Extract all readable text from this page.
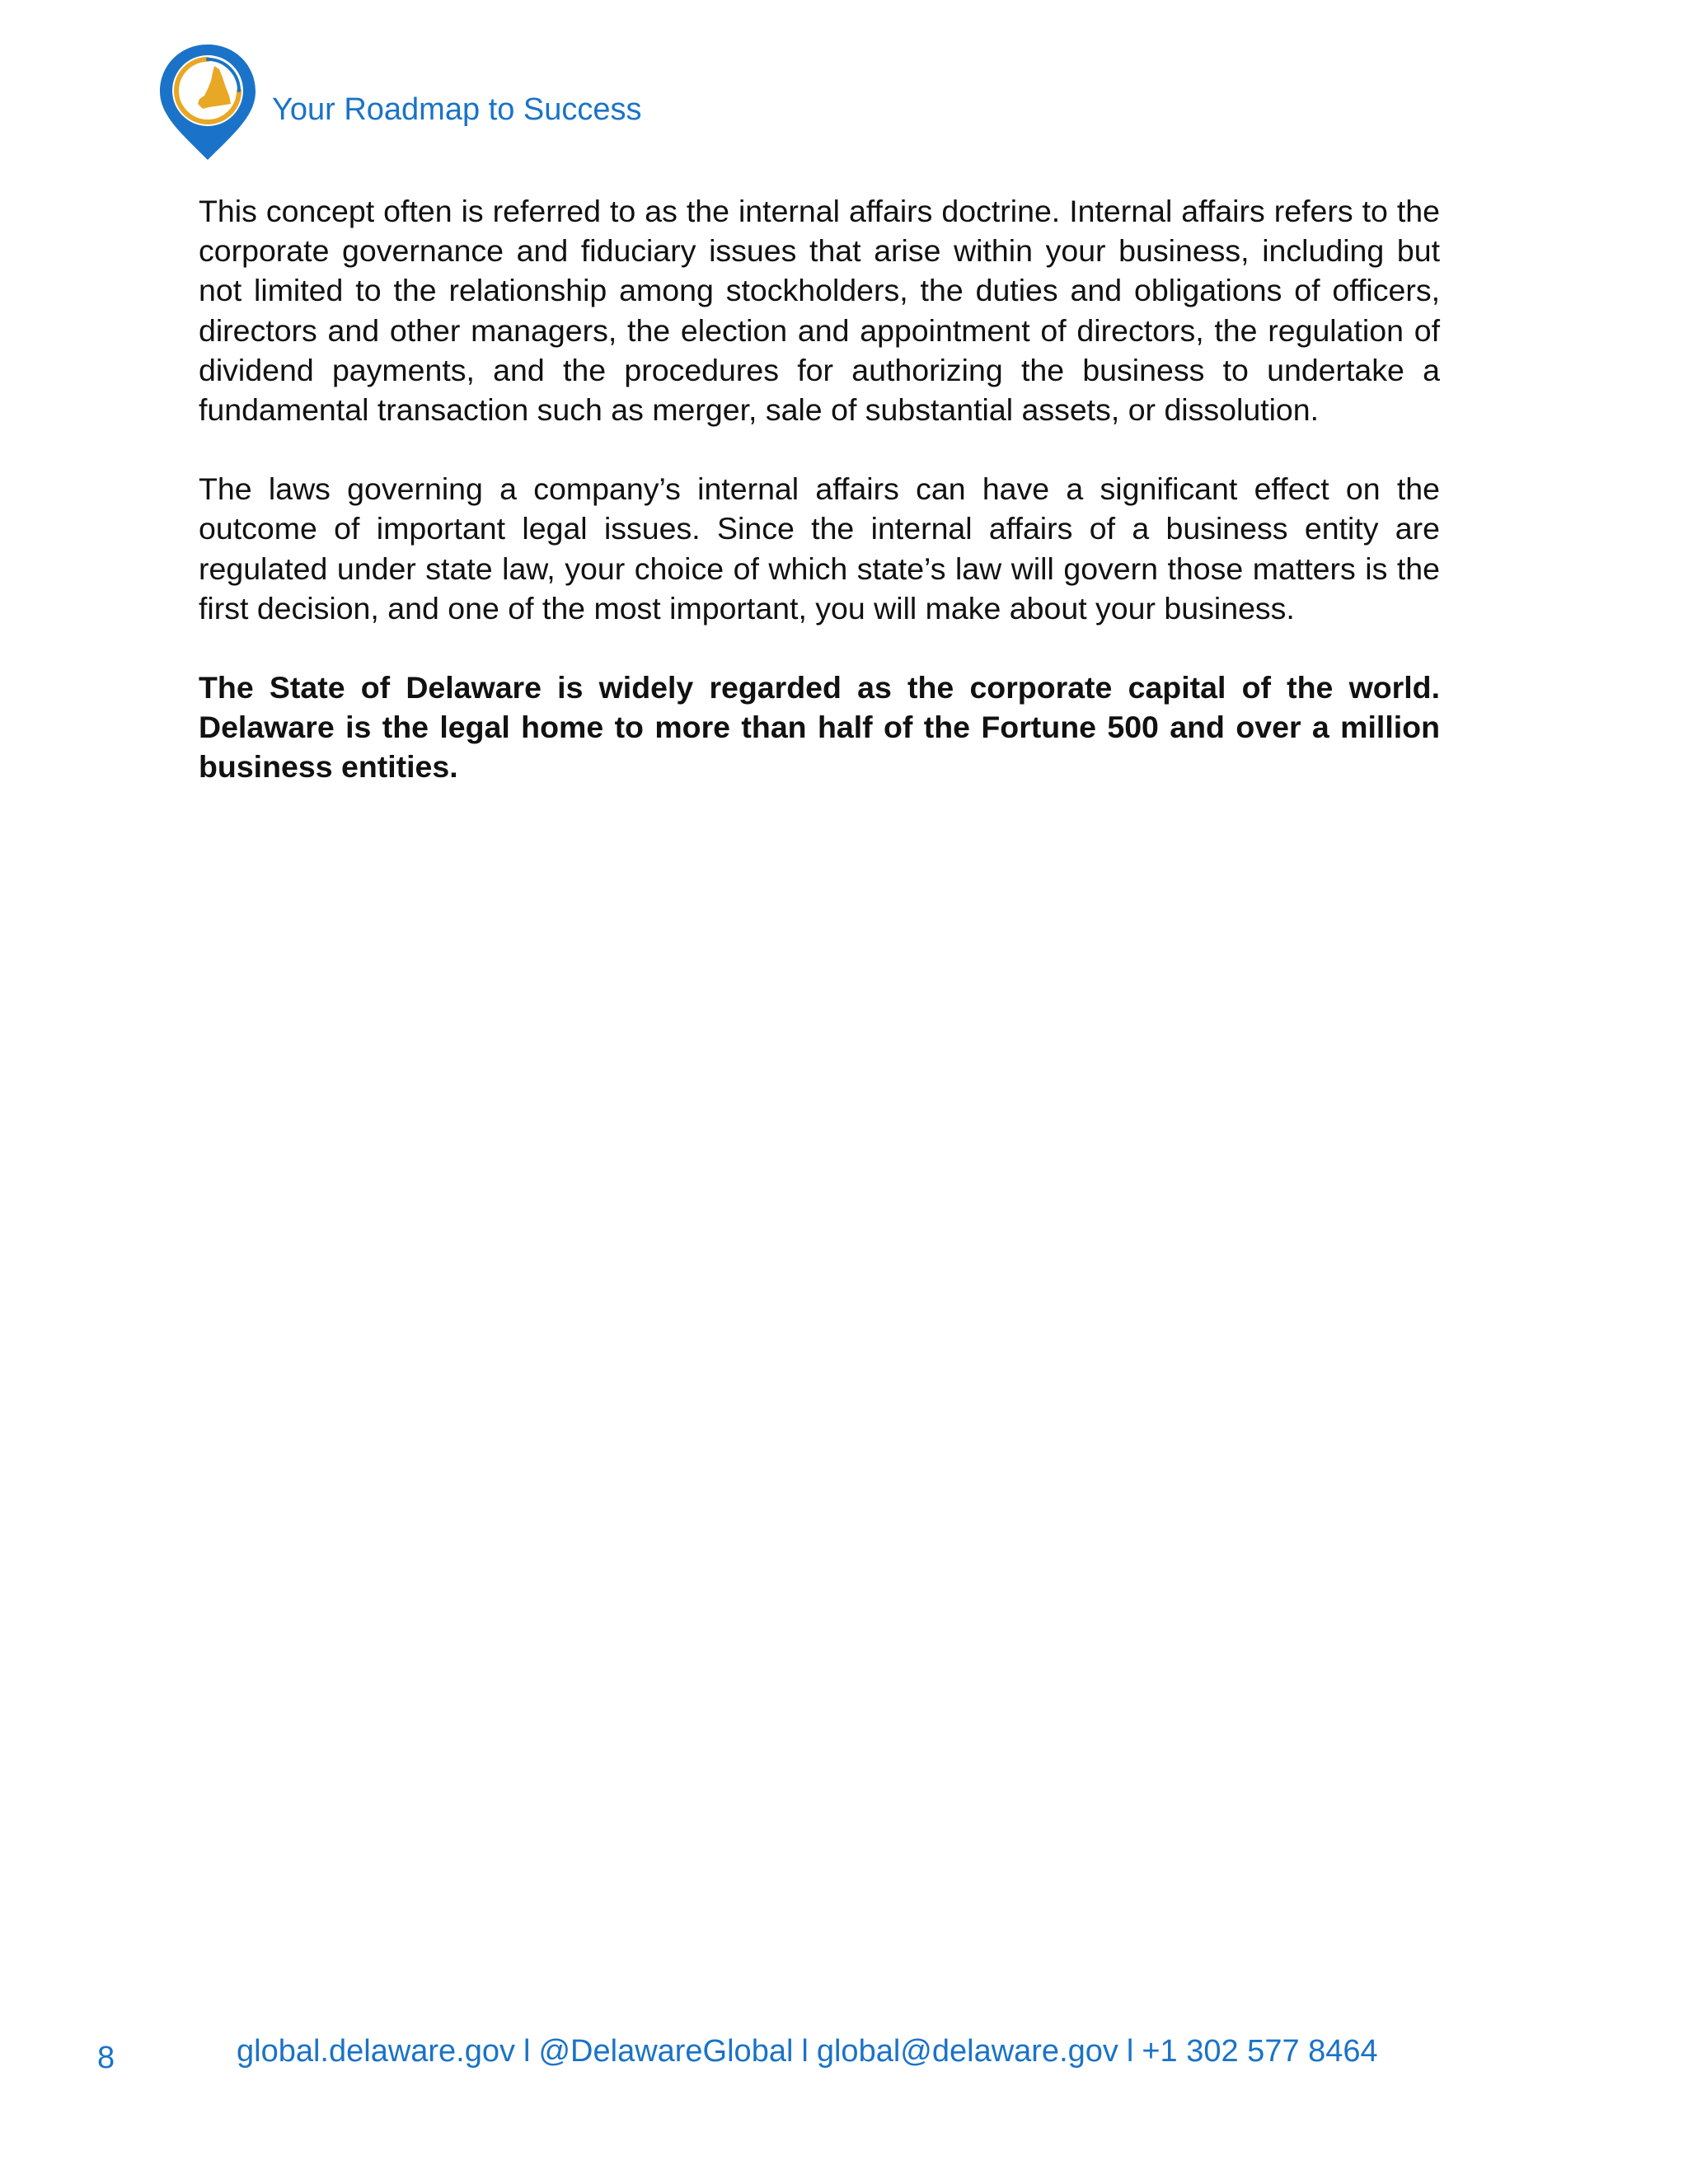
Your Roadmap to Success

This concept often is referred to as the internal affairs doctrine. Internal affairs refers to the corporate governance and fiduciary issues that arise within your business, including but not limited to the relationship among stockholders, the duties and obligations of officers, directors and other managers, the election and appointment of directors, the regulation of dividend payments, and the procedures for authorizing the business to undertake a fundamental transaction such as merger, sale of substantial assets, or dissolution.

The laws governing a company’s internal affairs can have a significant effect on the outcome of important legal issues. Since the internal affairs of a business entity are regulated under state law, your choice of which state’s law will govern those matters is the first decision, and one of the most important, you will make about your business.

The State of Delaware is widely regarded as the corporate capital of the world. Delaware is the legal home to more than half of the Fortune 500 and over a million business entities.

8	global.delaware.gov l @DelawareGlobal l global@delaware.gov l +1 302 577 8464
